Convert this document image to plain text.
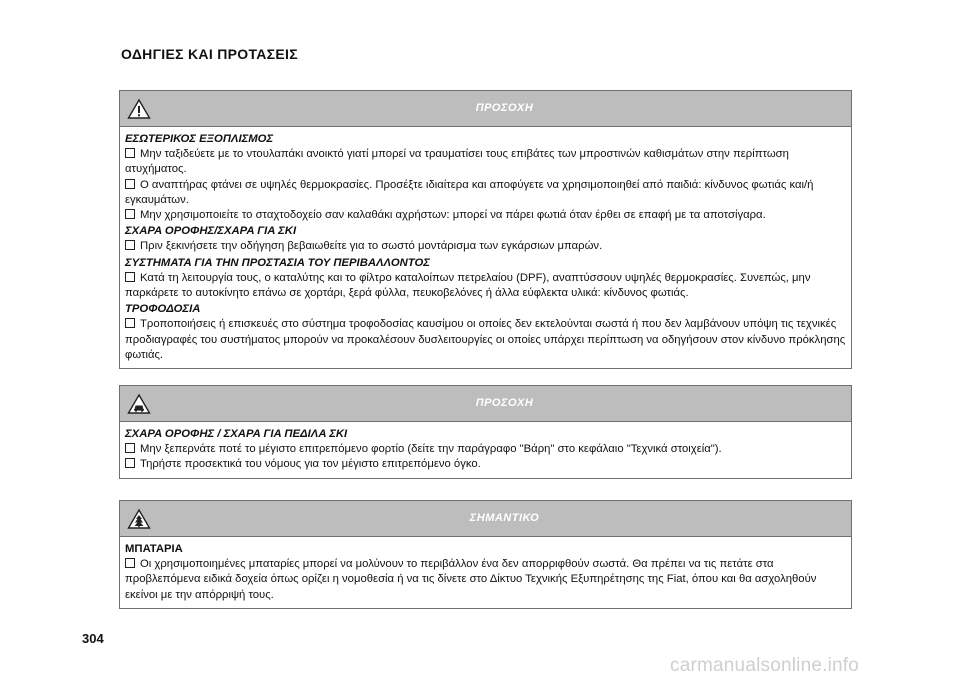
ΟΔΗΓΙΕΣ ΚΑΙ ΠΡΟΤΑΣΕΙΣ
ΠΡΟΣΟΧΗ
ΕΣΩΤΕΡΙΚΟΣ ΕΞΟΠΛΙΣΜΟΣ
Μην ταξιδεύετε με το ντουλαπάκι ανοικτό γιατί μπορεί να τραυματίσει τους επιβάτες των μπροστινών καθισμάτων στην περίπτωση ατυχήματος.
Ο αναπτήρας φτάνει σε υψηλές θερμοκρασίες. Προσέξτε ιδιαίτερα και αποφύγετε να χρησιμοποιηθεί από παιδιά: κίνδυνος φωτιάς και/ή εγκαυμάτων.
Μην χρησιμοποιείτε το σταχτοδοχείο σαν καλαθάκι αχρήστων: μπορεί να πάρει φωτιά όταν έρθει σε επαφή με τα αποτσίγαρα.
ΣΧΑΡΑ ΟΡΟΦΗΣ/ΣΧΑΡΑ ΓΙΑ ΣΚΙ
Πριν ξεκινήσετε την οδήγηση βεβαιωθείτε για το σωστό μοντάρισμα των εγκάρσιων μπαρών.
ΣΥΣΤΗΜΑΤΑ ΓΙΑ ΤΗΝ ΠΡΟΣΤΑΣΙΑ ΤΟΥ ΠΕΡΙΒΑΛΛΟΝΤΟΣ
Κατά τη λειτουργία τους, ο καταλύτης και το φίλτρο καταλοίπων πετρελαίου (DPF), αναπτύσσουν υψηλές θερμοκρασίες. Συνεπώς, μην παρκάρετε το αυτοκίνητο επάνω σε χορτάρι, ξερά φύλλα, πευκοβελόνες ή άλλα εύφλεκτα υλικά: κίνδυνος φωτιάς.
ΤΡΟΦΟΔΟΣΙΑ
Τροποποιήσεις ή επισκευές στο σύστημα τροφοδοσίας καυσίμου οι οποίες δεν εκτελούνται σωστά ή που δεν λαμβάνουν υπόψη τις τεχνικές προδιαγραφές του συστήματος μπορούν να προκαλέσουν δυσλειτουργίες οι οποίες υπάρχει περίπτωση να οδηγήσουν στον κίνδυνο πρόκλησης φωτιάς.
ΠΡΟΣΟΧΗ
ΣΧΑΡΑ ΟΡΟΦΗΣ / ΣΧΑΡΑ ΓΙΑ ΠΕΔΙΛΑ ΣΚΙ
Μην ξεπερνάτε ποτέ το μέγιστο επιτρεπόμενο φορτίο (δείτε την παράγραφο "Βάρη" στο κεφάλαιο "Τεχνικά στοιχεία").
Τηρήστε προσεκτικά του νόμους για τον μέγιστο επιτρεπόμενο όγκο.
ΣΗΜΑΝΤΙΚΟ
ΜΠΑΤΑΡΙΑ
Οι χρησιμοποιημένες μπαταρίες μπορεί να μολύνουν το περιβάλλον ένα δεν απορριφθούν σωστά. Θα πρέπει να τις πετάτε στα προβλεπόμενα ειδικά δοχεία όπως ορίζει η νομοθεσία ή να τις δίνετε στο Δίκτυο Τεχνικής Εξυπηρέτησης της Fiat, όπου και θα ασχοληθούν εκείνοι με την απόρριψή τους.
304
carmanualsonline.info
